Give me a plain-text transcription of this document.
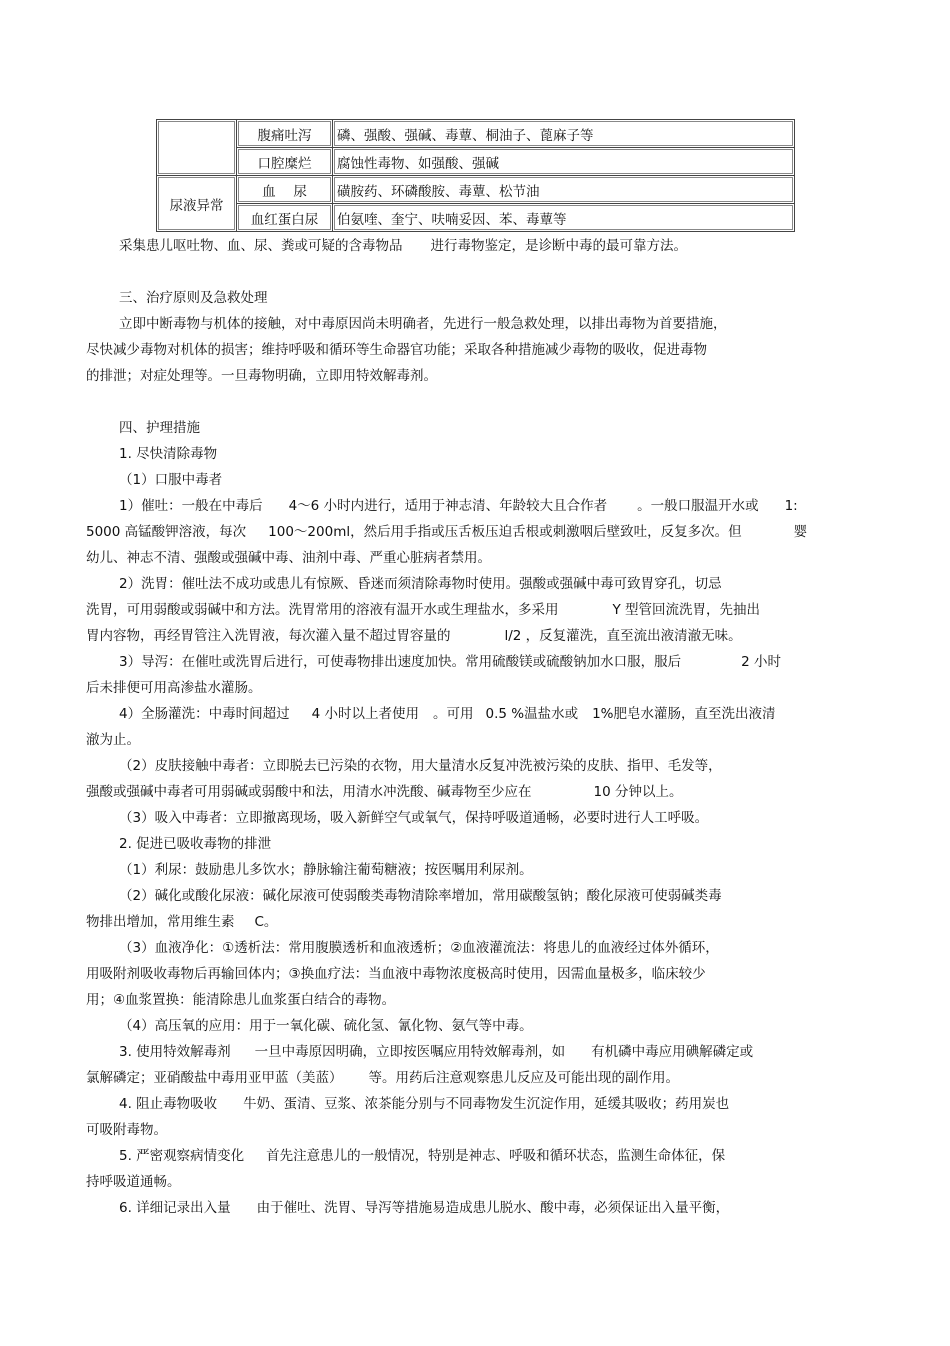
	腹痛吐泻	磷、强酸、强碱、毒蕈、桐油子、蓖麻子等
	口腔糜烂	腐蚀性毒物、如强酸、强碱
尿液异常	血　 尿	磺胺药、环磷酸胺、毒蕈、松节油
	血红蛋白尿	伯氨喹、奎宁、呋喃妥因、苯、毒蕈等
采集患儿呕吐物、血、尿、粪或可疑的含毒物品 进行毒物鉴定，是诊断中毒的最可靠方法。
三、治疗原则及急救处理
立即中断毒物与机体的接触，对中毒原因尚未明确者，先进行一般急救处理，以排出毒物为首要措施，
尽快减少毒物对机体的损害；维持呼吸和循环等生命器官功能；采取各种措施减少毒物的吸收，促进毒物
的排泄；对症处理等。一旦毒物明确，立即用特效解毒剂。
四、护理措施
1. 尽快清除毒物
（1）口服中毒者
1）催吐：一般在中毒后 4～6 小时内进行，适用于神志清、年龄较大且合作者 。一般口服温开水或 1:
5000 高锰酸钾溶液，每次 100～200ml，然后用手指或压舌板压迫舌根或刺激咽后壁致吐，反复多次。但	婴
幼儿、神志不清、强酸或强碱中毒、油剂中毒、严重心脏病者禁用。
2）洗胃：催吐法不成功或患儿有惊厥、昏迷而须清除毒物时使用。强酸或强碱中毒可致胃穿孔，切忌
洗胃，可用弱酸或弱碱中和方法。洗胃常用的溶液有温开水或生理盐水，多采用	Y 型管回流洗胃，先抽出
胃内容物，再经胃管注入洗胃液，每次灌入量不超过胃容量的	l/2 ，反复灌洗，直至流出液清澈无味。
3）导泻：在催吐或洗胃后进行，可使毒物排出速度加快。常用硫酸镁或硫酸钠加水口服，服后	2 小时
后未排便可用高渗盐水灌肠。
4）全肠灌洗：中毒时间超过 4 小时以上者使用 。可用 0.5 %温盐水或 1%肥皂水灌肠，直至洗出液清
澈为止。
（2）皮肤接触中毒者：立即脱去已污染的衣物，用大量清水反复冲洗被污染的皮肤、指甲、毛发等，
强酸或强碱中毒者可用弱碱或弱酸中和法，用清水冲洗酸、碱毒物至少应在	10 分钟以上。
（3）吸入中毒者：立即撤离现场，吸入新鲜空气或氧气，保持呼吸道通畅，必要时进行人工呼吸。
2. 促进已吸收毒物的排泄
（1）利尿：鼓励患儿多饮水；静脉输注葡萄糖液；按医嘱用利尿剂。
（2）碱化或酸化尿液：碱化尿液可使弱酸类毒物清除率增加，常用碳酸氢钠；酸化尿液可使弱碱类毒
物排出增加，常用维生素 C。
（3）血液净化：①透析法：常用腹膜透析和血液透析；②血液灌流法：将患儿的血液经过体外循环，
用吸附剂吸收毒物后再输回体内；③换血疗法：当血液中毒物浓度极高时使用，因需血量极多，临床较少
用；④血浆置换：能清除患儿血浆蛋白结合的毒物。
（4）高压氧的应用：用于一氧化碳、硫化氢、氰化物、氨气等中毒。
3. 使用特效解毒剂 一旦中毒原因明确，立即按医嘱应用特效解毒剂，如 有机磷中毒应用碘解磷定或
氯解磷定；亚硝酸盐中毒用亚甲蓝（美蓝） 等。用药后注意观察患儿反应及可能出现的副作用。
4. 阻止毒物吸收 牛奶、蛋清、豆浆、浓茶能分别与不同毒物发生沉淀作用，延缓其吸收；药用炭也
可吸附毒物。
5. 严密观察病情变化 首先注意患儿的一般情况，特别是神志、呼吸和循环状态，监测生命体征，保
持呼吸道通畅。
6. 详细记录出入量 由于催吐、洗胃、导泻等措施易造成患儿脱水、酸中毒，必须保证出入量平衡，
